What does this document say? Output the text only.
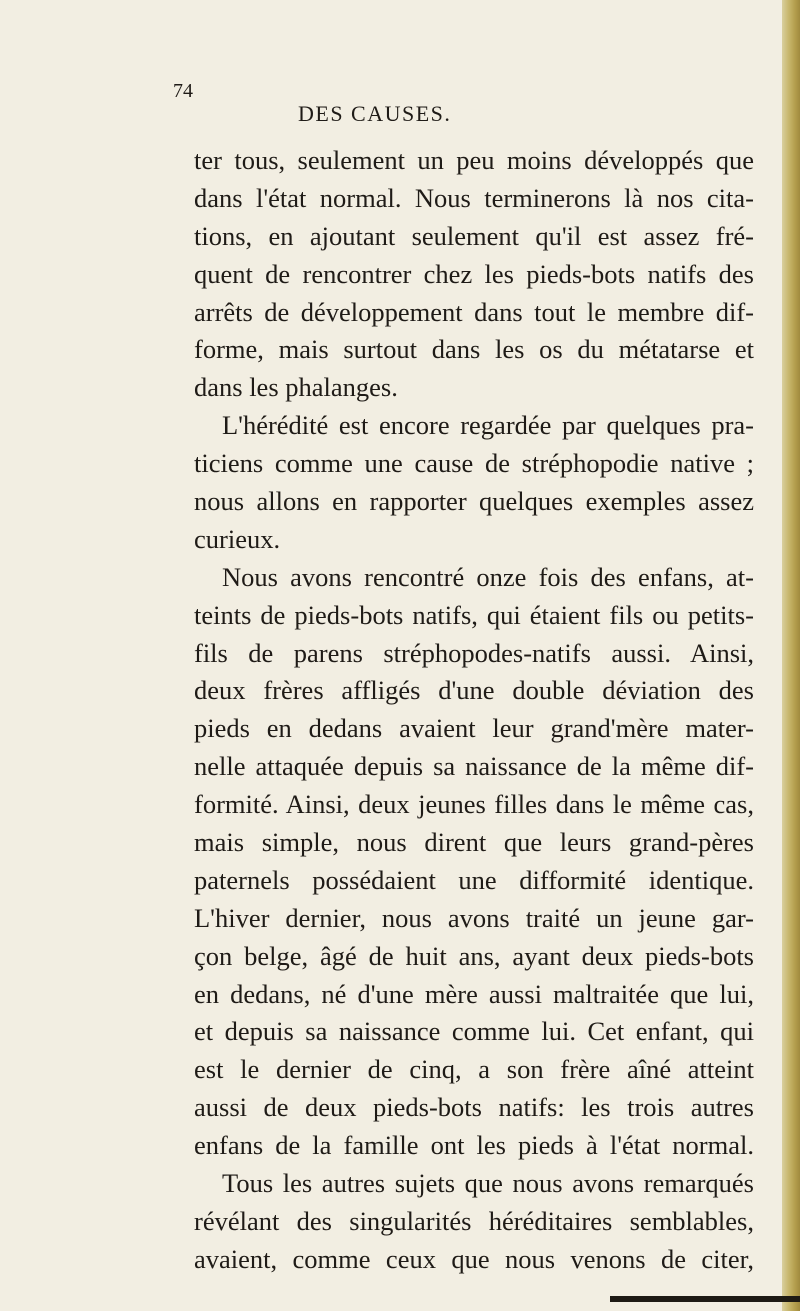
74
DES CAUSES.
ter tous, seulement un peu moins développés que
dans l'état normal. Nous terminerons là nos cita-
tions, en ajoutant seulement qu'il est assez fré-
quent de rencontrer chez les pieds-bots natifs des
arrêts de développement dans tout le membre dif-
forme, mais surtout dans les os du métatarse et
dans les phalanges.
L'hérédité est encore regardée par quelques pra-
ticiens comme une cause de stréphopodie native ;
nous allons en rapporter quelques exemples assez
curieux.
Nous avons rencontré onze fois des enfans, at-
teints de pieds-bots natifs, qui étaient fils ou petits-
fils de parens stréphopodes-natifs aussi. Ainsi,
deux frères affligés d'une double déviation des
pieds en dedans avaient leur grand'mère mater-
nelle attaquée depuis sa naissance de la même dif-
formité. Ainsi, deux jeunes filles dans le même cas,
mais simple, nous dirent que leurs grand-pères
paternels possédaient une difformité identique.
L'hiver dernier, nous avons traité un jeune gar-
çon belge, âgé de huit ans, ayant deux pieds-bots
en dedans, né d'une mère aussi maltraitée que lui,
et depuis sa naissance comme lui. Cet enfant, qui
est le dernier de cinq, a son frère aîné atteint
aussi de deux pieds-bots natifs: les trois autres
enfans de la famille ont les pieds à l'état normal.
Tous les autres sujets que nous avons remarqués
révélant des singularités héréditaires semblables,
avaient, comme ceux que nous venons de citer,
